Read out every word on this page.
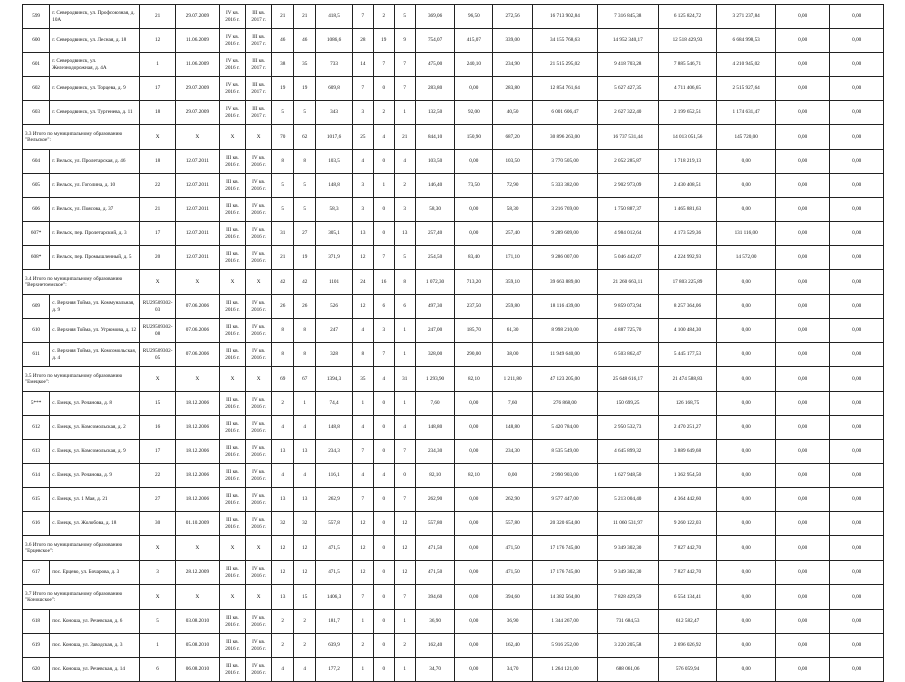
599	г. Северодвинск, ул. Профсоюзная, д. 10А	21	29.07.2009	IV кв. 2016 г.	III кв. 2017 г.	21	21	418,5	7	2	5	369,06	96,50	272,56	16 713 902,84	7 316 845,38	6 125 824,72	3 271 237,84	0,00	0,00
600	г. Северодвинск, ул. Лесная, д. 18	12	11.06.2009	IV кв. 2016 г.	III кв. 2017 г.	46	46	1086,6	28	19	9	754,07	415,07	339,00	34 155 768,63	14 952 340,17	12 518 429,93	6 684 998,53	0,00	0,00
601	г. Северодвинск, ул. Железнодорожная, д. 4А	1	11.06.2009	IV кв. 2016 г.	III кв. 2017 г.	38	35	733	14	7	7	475,00	240,10	234,90	21 515 295,02	9 418 703,28	7 885 546,71	4 210 945,02	0,00	0,00
602	г. Северодвинск, ул. Торцева, д. 9	17	29.07.2009	IV кв. 2016 г.	III кв. 2017 г.	19	19	609,8	7	0	7	283,80	0,00	283,80	12 854 761,64	5 627 427,35	4 711 406,65	2 515 927,64	0,00	0,00
603	г. Северодвинск, ул. Тургенева, д. 11	18	29.07.2009	IV кв. 2016 г.	III кв. 2017 г.	5	5	343	3	2	1	132,50	92,00	40,50	6 001 606,47	2 627 322,40	2 199 652,51	1 174 631,47	0,00	0,00
3.3 Итого по муниципальному образованию "Вельское":		X	X	X	X	70	62	1017,6	25	4	21	844,10	150,90	687,20	30 896 263,00	16 737 531,44	14 013 051,56	145 720,00	0,00	0,00
604	г. Вельск, ул. Пролетарская, д. 46	18	12.07.2011	III кв. 2016 г.	IV кв. 2016 г.	8	8	103,5	4	0	4	103,50	0,00	103,50	3 770 505,00	2 052 285,87	1 718 219,13	0,00	0,00	0,00
605	г. Вельск, ул. Гоголина, д. 10	22	12.07.2011	III кв. 2016 г.	IV кв. 2016 г.	5	5	148,8	3	1	2	146,40	73,50	72,90	5 333 382,00	2 902 973,09	2 430 408,51	0,00	0,00	0,00
606	г. Вельск, ул. Поясова, д. 37	21	12.07.2011	III кв. 2016 г.	IV кв. 2016 г.	5	5	58,3	3	0	3	58,30	0,00	58,30	3 216 769,00	1 750 887,37	1 465 881,63	0,00	0,00	0,00
607*	г. Вельск, пер. Пролетарский, д. 3	17	12.07.2011	III кв. 2016 г.	IV кв. 2016 г.	31	27	305,1	13	0	13	257,40	0,00	257,40	9 289 609,00	4 984 012,64	4 173 529,36	131 116,00	0,00	0,00
608*	г. Вельск, пер. Промышленный, д. 5	20	12.07.2011	III кв. 2016 г.	IV кв. 2016 г.	21	19	371,9	12	7	5	254,50	83,40	171,10	9 286 007,00	5 046 442,07	4 224 992,93	14 572,00	0,00	0,00
3.4 Итого по муниципальному образованию "Верхнетоемское":		X	X	X	X	42	42	1101	24	16	8	1 072,30	713,20	359,10	39 663 889,00	21 260 663,11	17 803 225,89	0,00	0,00	0,00
609	с. Верхняя Тойма, ул. Коммунальная, д. 9	RU29509302-03	07.06.2006	III кв. 2016 г.	IV кв. 2016 г.	26	26	526	12	6	6	497,30	237,50	259,80	18 116 439,00	9 859 073,94	8 257 364,06	0,00	0,00	0,00
610	с. Верхняя Тойма, ул. Угрюмова, д. 12	RU29509302-08	07.06.2006	III кв. 2016 г.	IV кв. 2016 г.	8	8	247	4	3	1	247,00	185,70	61,30	8 998 210,00	4 887 725,70	4 100 484,30	0,00	0,00	0,00
611	с. Верхняя Тойма, ул. Комсомольская, д. 4	RU29509302-05	07.06.2006	III кв. 2016 г.	IV кв. 2016 г.	8	8	328	8	7	1	328,00	290,00	38,00	11 949 640,00	6 503 862,47	5 445 177,53	0,00	0,00	0,00
3.5 Итого по муниципальному образованию "Емецкое":		X	X	X	X	69	67	1394,3	35	4	31	1 293,90	82,10	1 211,80	47 123 205,00	25 648 616,17	21 474 588,83	0,00	0,00	0,00
5***	с. Емецк, ул. Рочанова, д. 8	15	18.12.2006	III кв. 2016 г.	IV кв. 2016 г.	2	1	74,4	1	0	1	7,60	0,00	7,60	276 868,00	150 699,25	126 168,75	0,00	0,00	0,00
612	с. Емецк, ул. Комсомольская, д. 2	16	18.12.2006	III кв. 2016 г.	IV кв. 2016 г.	4	4	148,8	4	0	4	148,80	0,00	148,80	5 420 784,00	2 950 532,73	2 470 251,27	0,00	0,00	0,00
613	с. Емецк, ул. Комсомольская, д. 9	17	18.12.2006	III кв. 2016 г.	IV кв. 2016 г.	13	13	234,3	7	0	7	234,30	0,00	234,30	8 535 549,00	4 645 899,32	3 889 649,68	0,00	0,00	0,00
614	с. Емецк, ул. Рочанова, д. 9	22	18.12.2006	III кв. 2016 г.	IV кв. 2016 г.	4	4	116,1	4	4	0	82,10	82,10	0,00	2 990 903,00	1 627 948,50	1 362 954,50	0,00	0,00	0,00
615	с. Емецк, ул. 1 Мая, д. 21	27	18.12.2006	III кв. 2016 г.	IV кв. 2016 г.	13	13	262,9	7	0	7	262,90	0,00	262,90	9 577 447,00	5 213 004,40	4 364 442,60	0,00	0,00	0,00
616	с. Емецк, ул. Жолобова, д. 18	30	01.10.2009	III кв. 2016 г.	IV кв. 2016 г.	32	32	557,8	12	0	12	557,80	0,00	557,80	20 320 654,00	11 060 531,97	9 260 122,03	0,00	0,00	0,00
3.6 Итого по муниципальному образованию "Ерцевское":		X	X	X	X	12	12	471,5	12	0	12	471,50	0,00	471,50	17 176 745,00	9 349 302,30	7 827 442,70	0,00	0,00	0,00
617	пос. Ерцево, ул. Бочарова, д. 3	3	28.12.2009	III кв. 2016 г.	IV кв. 2016 г.	12	12	471,5	12	0	12	471,50	0,00	471,50	17 176 745,00	9 349 302,30	7 827 442,70	0,00	0,00	0,00
3.7 Итого по муниципальному образованию "Коношское":		X	X	X	X	13	15	1406,3	7	0	7	394,60	0,00	394,60	14 382 564,00	7 828 429,59	6 554 134,41	0,00	0,00	0,00
618	пос. Коноша, ул. Речевская, д. 6	5	03.08.2010	III кв. 2016 г.	IV кв. 2016 г.	2	2	181,7	1	0	1	36,90	0,00	36,90	1 344 267,00	731 684,53	612 582,47	0,00	0,00	0,00
619	пос. Коноша, ул. Заводская, д. 3	1	05.08.2010	III кв. 2016 г.	IV кв. 2016 г.	2	2	639,9	2	0	2	162,40	0,00	162,40	5 916 252,00	3 220 205,58	2 696 026,92	0,00	0,00	0,00
620	пос. Коноша, ул. Речевская, д. 14	6	06.08.2010	III кв. 2016 г.	IV кв. 2016 г.	4	4	177,2	1	0	1	34,70	0,00	34,70	1 264 121,00	688 061,06	576 059,94	0,00	0,00	0,00
